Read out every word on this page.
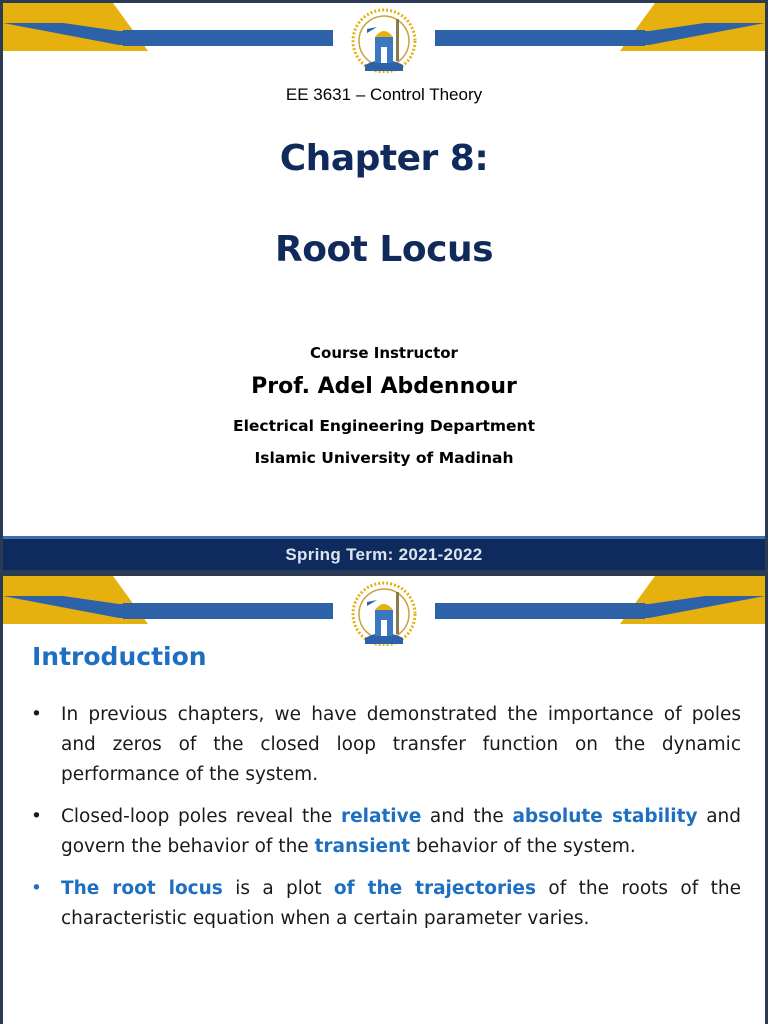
EE 3631 – Control Theory
Chapter 8:
Root Locus
Course Instructor
Prof. Adel Abdennour
Electrical Engineering Department
Islamic University of Madinah
Spring Term: 2021-2022
Introduction
• In previous chapters, we have demonstrated the importance of poles and zeros of the closed loop transfer function on the dynamic performance of the system.
• Closed-loop poles reveal the relative and the absolute stability and govern the behavior of the transient behavior of the system.
• The root locus is a plot of the trajectories of the roots of the characteristic equation when a certain parameter varies.
